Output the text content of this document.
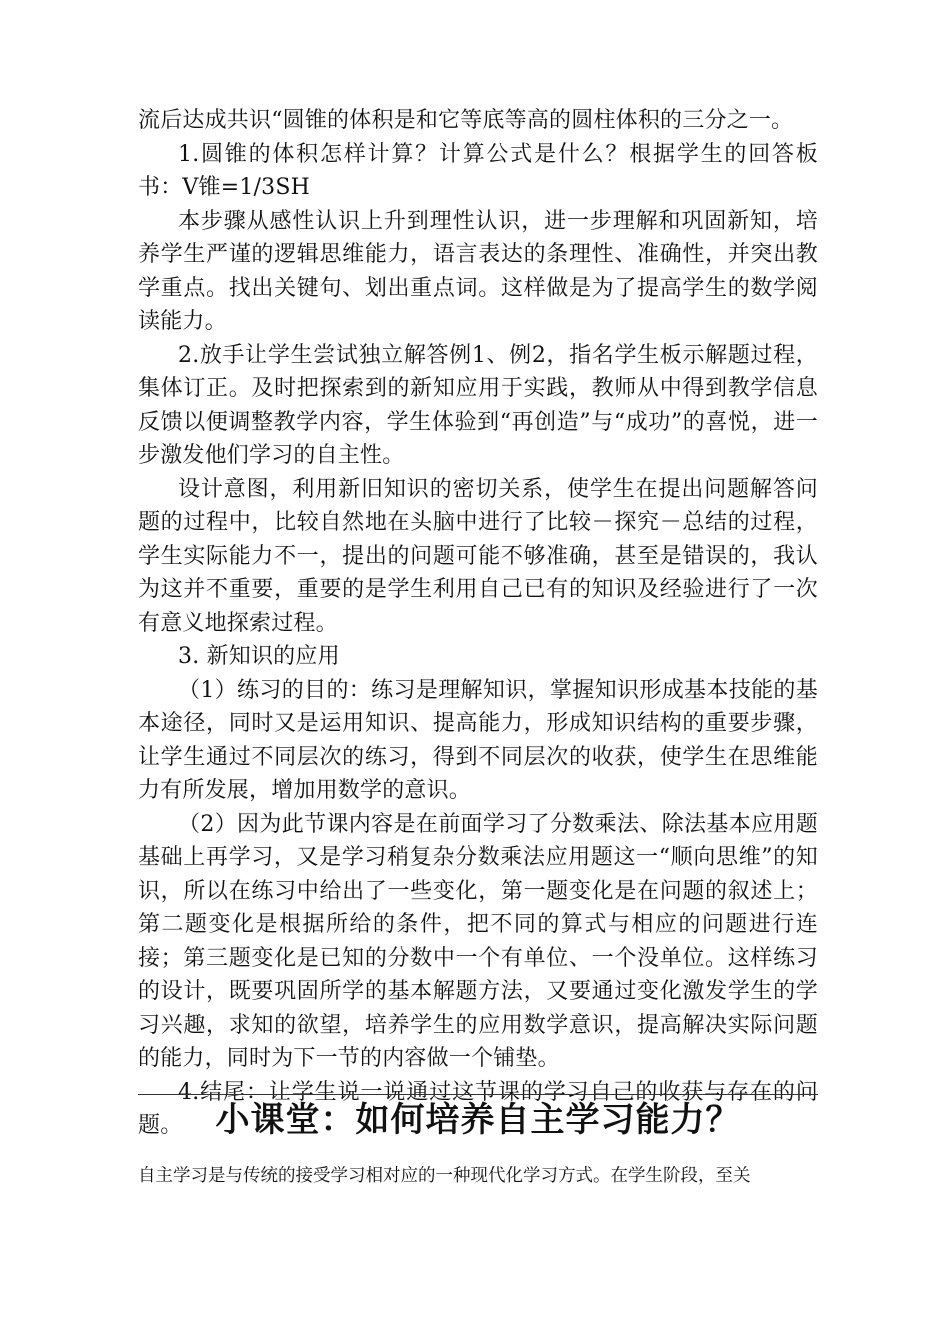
流后达成共识“圆锥的体积是和它等底等高的圆柱体积的三分之一。

1.圆锥的体积怎样计算？计算公式是什么？根据学生的回答板书：V锥=1/3SH

本步骤从感性认识上升到理性认识，进一步理解和巩固新知，培养学生严谨的逻辑思维能力，语言表达的条理性、准确性，并突出教学重点。找出关键句、划出重点词。这样做是为了提高学生的数学阅读能力。

2.放手让学生尝试独立解答例1、例2，指名学生板示解题过程，集体订正。及时把探索到的新知应用于实践，教师从中得到教学信息反馈以便调整教学内容，学生体验到“再创造”与“成功”的喜悦，进一步激发他们学习的自主性。

设计意图，利用新旧知识的密切关系，使学生在提出问题解答问题的过程中，比较自然地在头脑中进行了比较－探究－总结的过程，学生实际能力不一，提出的问题可能不够准确，甚至是错误的，我认为这并不重要，重要的是学生利用自己已有的知识及经验进行了一次有意义地探索过程。

3. 新知识的应用

（1）练习的目的：练习是理解知识，掌握知识形成基本技能的基本途径，同时又是运用知识、提高能力，形成知识结构的重要步骤，让学生通过不同层次的练习，得到不同层次的收获，使学生在思维能力有所发展，增加用数学的意识。

（2）因为此节课内容是在前面学习了分数乘法、除法基本应用题基础上再学习，又是学习稍复杂分数乘法应用题这一“顺向思维”的知识，所以在练习中给出了一些变化，第一题变化是在问题的叙述上；第二题变化是根据所给的条件，把不同的算式与相应的问题进行连接；第三题变化是已知的分数中一个有单位、一个没单位。这样练习的设计，既要巩固所学的基本解题方法，又要通过变化激发学生的学习兴趣，求知的欲望，培养学生的应用数学意识，提高解决实际问题的能力，同时为下一节的内容做一个铺垫。

4.结尾：让学生说一说通过这节课的学习自己的收获与存在的问题。 小课堂：如何培养自主学习能力？

自主学习是与传统的接受学习相对应的一种现代化学习方式。在学生阶段，至关
